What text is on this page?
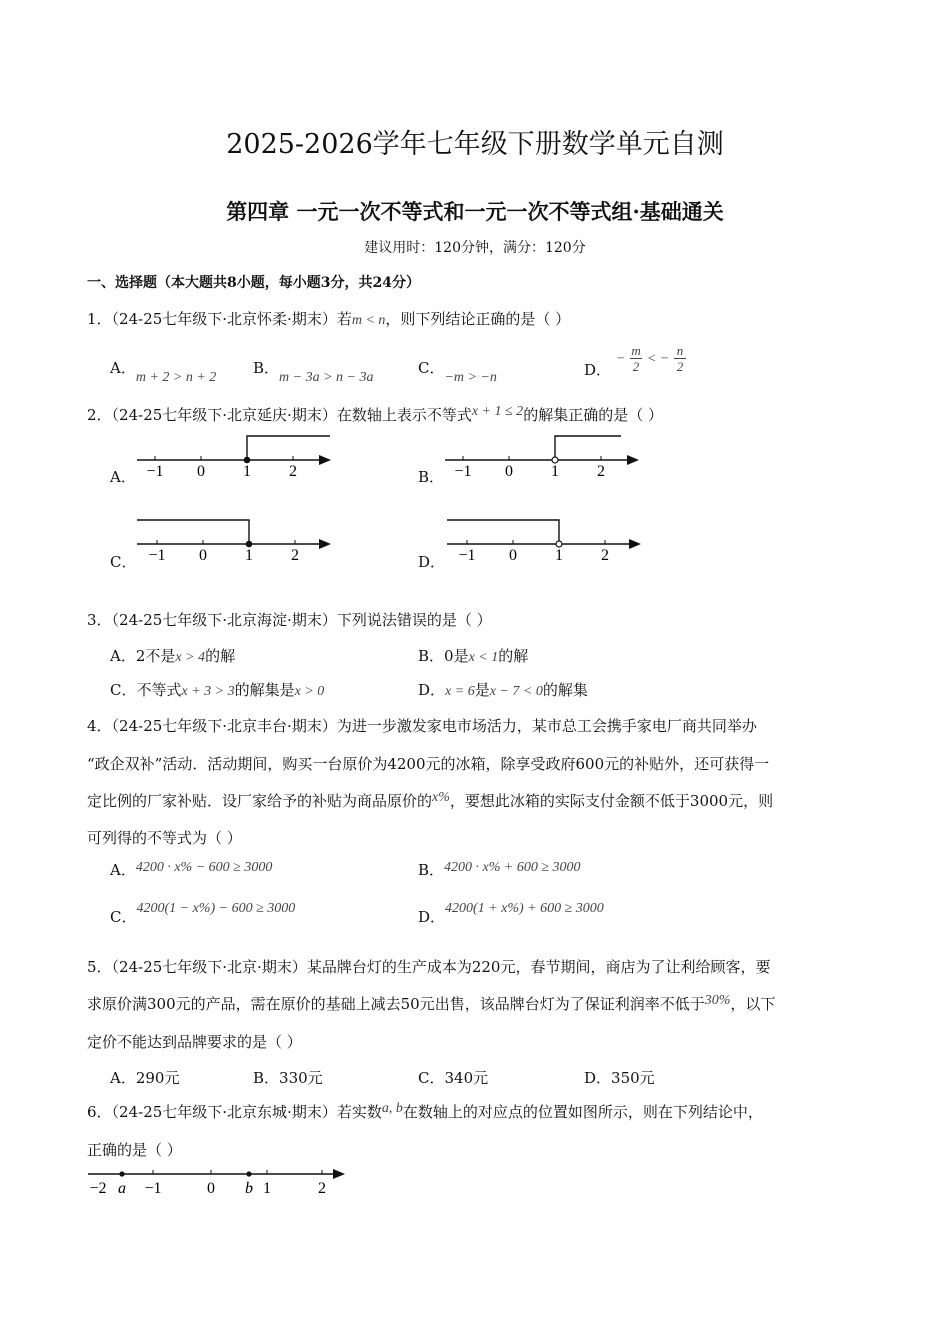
2025-2026学年七年级下册数学单元自测
第四章 一元一次不等式和一元一次不等式组·基础通关
建议用时：120分钟，满分：120分
一、选择题（本大题共8小题，每小题3分，共24分）
1．（24-25七年级下·北京怀柔·期末）若m < n，则下列结论正确的是（ ）
A．m + 2 > n + 2
B．m − 3a > n − 3a
C．−m > −n	D． − $\frac{m}{2}$ < − $\frac{n}{2}$
2．（24-25七年级下·北京延庆·期末）在数轴上表示不等式x + 1 ≤ 2的解集正确的是（ ）
A．	B．
C．	D．
−1 0 1 2	−1 0 1 2
−1 0 1 2	−1 0 1 2
3．（24-25七年级下·北京海淀·期末）下列说法错误的是（ ）
A．2不是x > 4的解	B．0是x < 1的解
C．不等式x + 3 > 3的解集是x > 0	D．x = 6是x − 7 < 0的解集
4．（24-25七年级下·北京丰台·期末）为进一步激发家电市场活力，某市总工会携手家电厂商共同举办
“政企双补”活动．活动期间，购买一台原价为4200元的冰箱，除享受政府600元的补贴外，还可获得一
定比例的厂家补贴．设厂家给予的补贴为商品原价的x%，要想此冰箱的实际支付金额不低于3000元，则
可列得的不等式为（ ）
A．4200 · x% − 600 ≥ 3000	B．4200 · x% + 600 ≥ 3000
C．4200(1 − x%) − 600 ≥ 3000	D．4200(1 + x%) + 600 ≥ 3000
5．（24-25七年级下·北京·期末）某品牌台灯的生产成本为220元，春节期间，商店为了让利给顾客，要
求原价满300元的产品，需在原价的基础上减去50元出售，该品牌台灯为了保证利润率不低于30%，以下
定价不能达到品牌要求的是（ ）
A．290元	B．330元	C．340元	D．350元
6．（24-25七年级下·北京东城·期末）若实数a, b在数轴上的对应点的位置如图所示，则在下列结论中，
正确的是（ ）
−2 a −1	0 b 1	2
